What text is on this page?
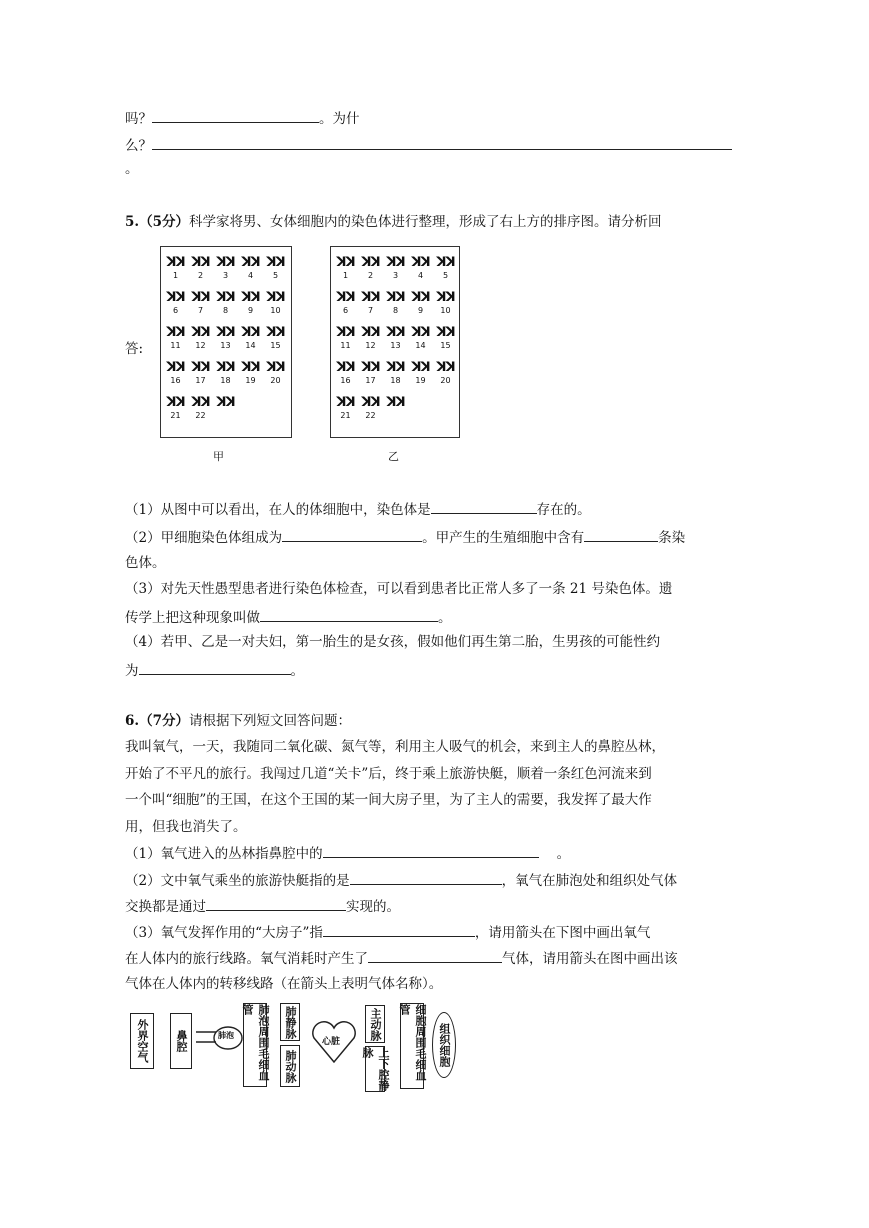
吗？	。为什
么？
。
5.（5分）科学家将男、女体细胞内的染色体进行整理，形成了右上方的排序图。请分析回
答:
ꓘꓘ
1
ꓘꓘ
2
ꓘꓘ
3
ꓘꓘ
4
ꓘꓘ
5
ꓘꓘ
6
ꓘꓘ
7
ꓘꓘ
8
ꓘꓘ
9
ꓘꓘ
10
ꓘꓘ
11
ꓘꓘ
12
ꓘꓘ
13
ꓘꓘ
14
ꓘꓘ
15
ꓘꓘ
16
ꓘꓘ
17
ꓘꓘ
18
ꓘꓘ
19
ꓘꓘ
20
ꓘꓘ
21
ꓘꓘ
22
ꓘꓘ
甲
ꓘꓘ
1
ꓘꓘ
2
ꓘꓘ
3
ꓘꓘ
4
ꓘꓘ
5
ꓘꓘ
6
ꓘꓘ
7
ꓘꓘ
8
ꓘꓘ
9
ꓘꓘ
10
ꓘꓘ
11
ꓘꓘ
12
ꓘꓘ
13
ꓘꓘ
14
ꓘꓘ
15
ꓘꓘ
16
ꓘꓘ
17
ꓘꓘ
18
ꓘꓘ
19
ꓘꓘ
20
ꓘꓘ
21
ꓘꓘ
22
ꓘꓘ
乙
（1）从图中可以看出，在人的体细胞中，染色体是	存在的。
（2）甲细胞染色体组成为	。甲产生的生殖细胞中含有	条染
色体。
（3）对先天性愚型患者进行染色体检查，可以看到患者比正常人多了一条 21 号染色体。遗
传学上把这种现象叫做	。
（4）若甲、乙是一对夫妇，第一胎生的是女孩，假如他们再生第二胎，生男孩的可能性约
为	。
6.（7分）请根据下列短文回答问题：
我叫氧气，一天，我随同二氧化碳、氮气等，利用主人吸气的机会，来到主人的鼻腔丛林，
开始了不平凡的旅行。我闯过几道“关卡”后，终于乘上旅游快艇，顺着一条红色河流来到
一个叫“细胞”的王国，在这个王国的某一间大房子里，为了主人的需要，我发挥了最大作
用，但我也消失了。
（1）氧气进入的丛林指鼻腔中的	。
（2）文中氧气乘坐的旅游快艇指的是	，氧气在肺泡处和组织处气体
交换都是通过	实现的。
（3）氧气发挥作用的“大房子”指	，请用箭头在下图中画出氧气
在人体内的旅行线路。氧气消耗时产生了	气体，请用箭头在图中画出该
气体在人体内的转移线路（在箭头上表明气体名称）。
外界空气	鼻腔	肺泡	肺泡周围毛细血管	肺静脉
肺动脉
心脏
主动脉
上下腔静脉	细胞周围毛细血管
组织细胞
